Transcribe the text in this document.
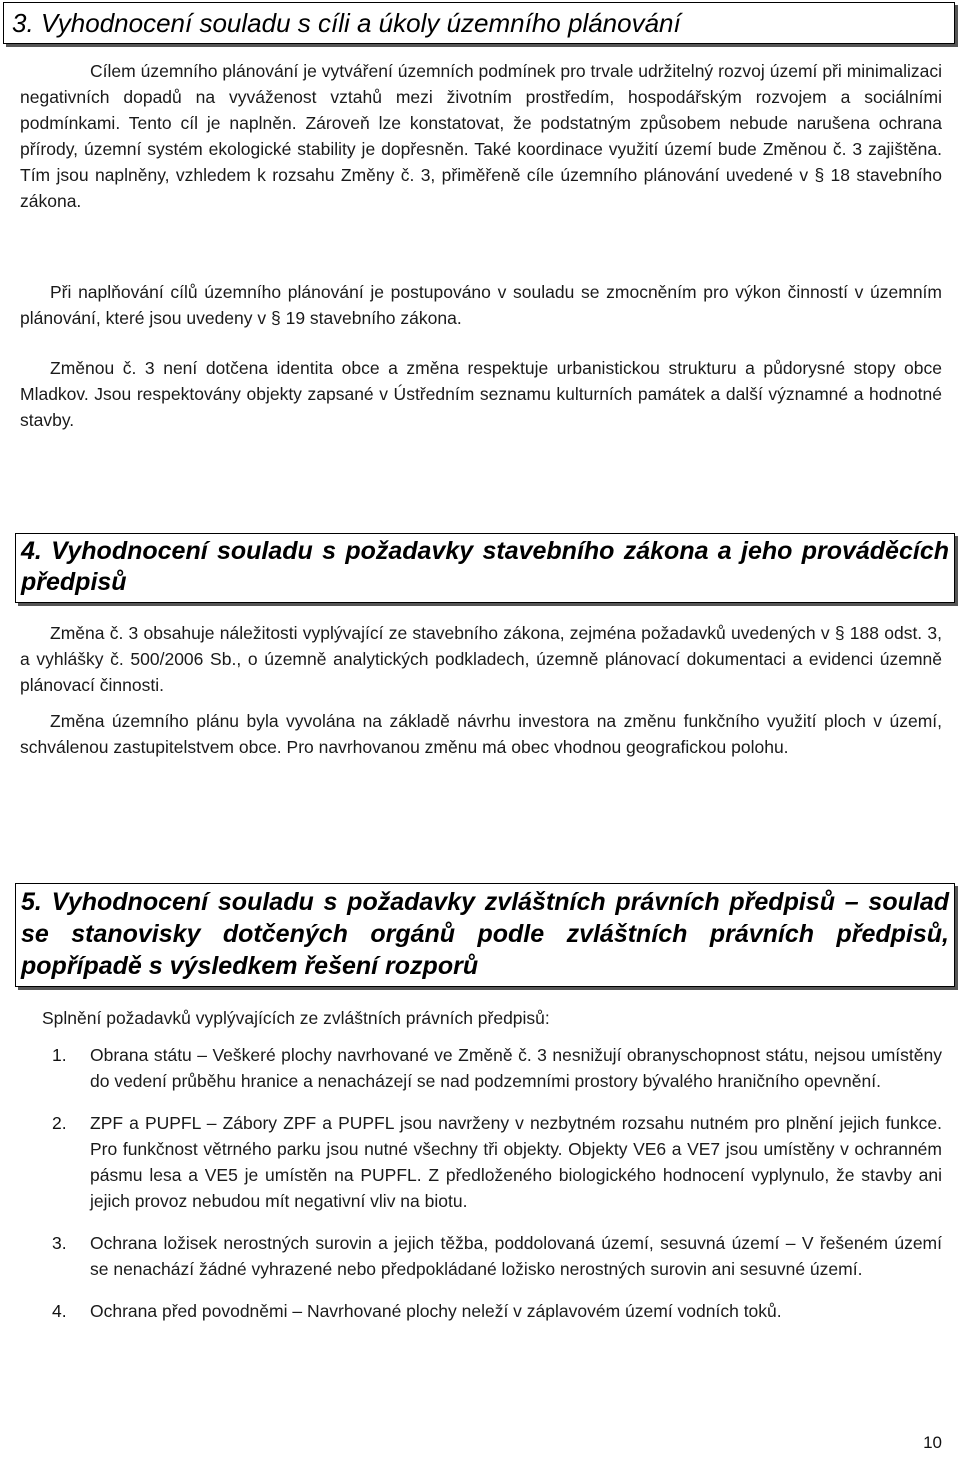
3. Vyhodnocení souladu s cíli a úkoly územního plánování

Cílem územního plánování je vytváření územních podmínek pro trvale udržitelný rozvoj území při minimalizaci negativních dopadů na vyváženost vztahů mezi životním prostředím, hospodářským rozvojem a sociálními podmínkami. Tento cíl je naplněn. Zároveň lze konstatovat, že podstatným způsobem nebude narušena ochrana přírody, územní systém ekologické stability je dopřesněn. Také koordinace využití území bude Změnou č. 3 zajištěna. Tím jsou naplněny, vzhledem k rozsahu Změny č. 3, přiměřeně cíle územního plánování uvedené v § 18 stavebního zákona.

Při naplňování cílů územního plánování je postupováno v souladu se zmocněním pro výkon činností v územním plánování, které jsou uvedeny v § 19 stavebního zákona.

Změnou č. 3 není dotčena identita obce a změna respektuje urbanistickou strukturu a půdorysné stopy obce Mladkov. Jsou respektovány objekty zapsané v Ústředním seznamu kulturních památek a další významné a hodnotné stavby.

4. Vyhodnocení souladu s požadavky stavebního zákona a jeho prováděcích předpisů

Změna č. 3 obsahuje náležitosti vyplývající ze stavebního zákona, zejména požadavků uvedených v § 188 odst. 3, a vyhlášky č. 500/2006 Sb., o územně analytických podkladech, územně plánovací dokumentaci a evidenci územně plánovací činnosti.

Změna územního plánu byla vyvolána na základě návrhu investora na změnu funkčního využití ploch v území, schválenou zastupitelstvem obce. Pro navrhovanou změnu má obec vhodnou geografickou polohu.

5. Vyhodnocení souladu s požadavky zvláštních právních předpisů – soulad se stanovisky dotčených orgánů podle zvláštních právních předpisů, popřípadě s výsledkem řešení rozporů

Splnění požadavků vyplývajících ze zvláštních právních předpisů:

1. Obrana státu – Veškeré plochy navrhované ve Změně č. 3 nesnižují obranyschopnost státu, nejsou umístěny do vedení průběhu hranice a nenacházejí se nad podzemními prostory bývalého hraničního opevnění.

2. ZPF a PUPFL – Zábory ZPF a PUPFL jsou navrženy v nezbytném rozsahu nutném pro plnění jejich funkce. Pro funkčnost větrného parku jsou nutné všechny tři objekty. Objekty VE6 a VE7 jsou umístěny v ochranném pásmu lesa a VE5 je umístěn na PUPFL. Z předloženého biologického hodnocení vyplynulo, že stavby ani jejich provoz nebudou mít negativní vliv na biotu.

3. Ochrana ložisek nerostných surovin a jejich těžba, poddolovaná území, sesuvná území – V řešeném území se nenachází žádné vyhrazené nebo předpokládané ložisko nerostných surovin ani sesuvné území.

4. Ochrana před povodněmi – Navrhované plochy neleží v záplavovém území vodních toků.

10
